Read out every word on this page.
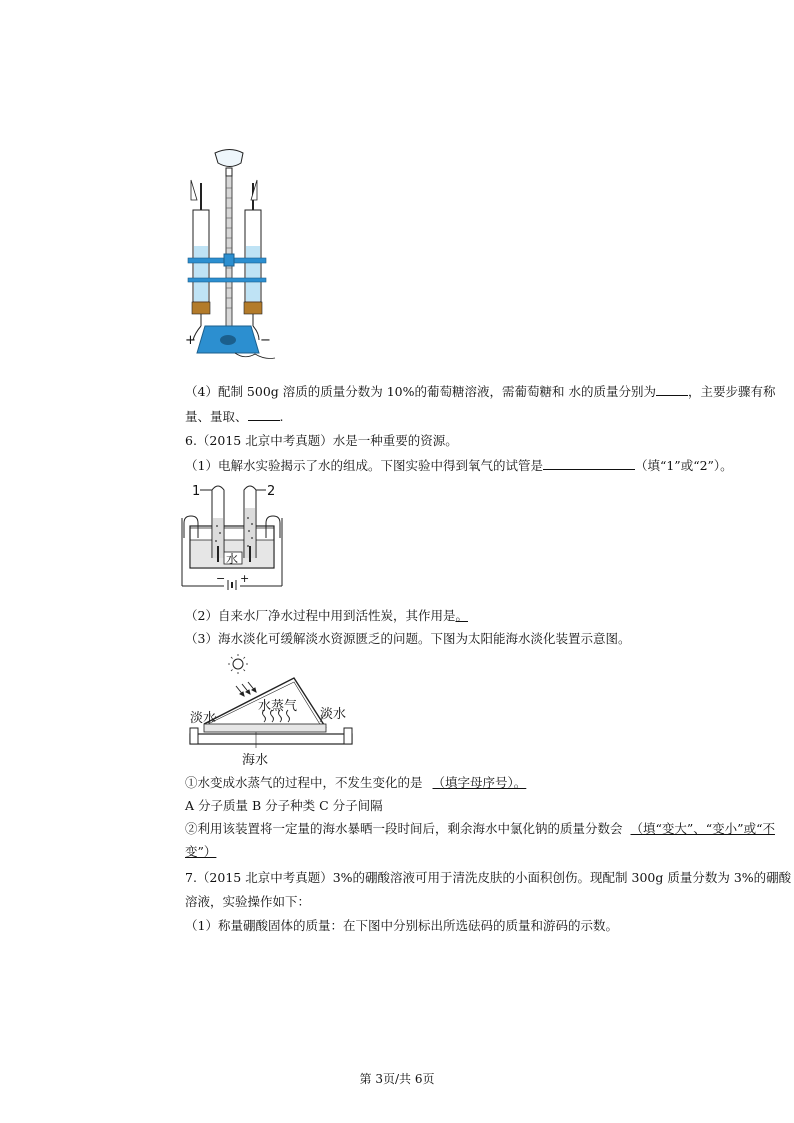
+	−
（4）配制 500g 溶质的质量分数为 10%的葡萄糖溶液，需葡萄糖和 水的质量分别为	，主要步骤有称
量、量取、	.
6.（2015 北京中考真题）水是一种重要的资源。
（1）电解水实验揭示了水的组成。下图实验中得到氧气的试管是	（填“1”或“2”）。
水
1	2
− +
（2）自来水厂净水过程中用到活性炭，其作用是。
（3）海水淡化可缓解淡水资源匮乏的问题。下图为太阳能海水淡化装置示意图。
淡水
水蒸气
淡水
海水
①水变成水蒸气的过程中，不发生变化的是 （填字母序号）。
A 分子质量 B 分子种类 C 分子间隔
②利用该装置将一定量的海水暴晒一段时间后，剩余海水中氯化钠的质量分数会 （填“变大”、“变小”或“不
变”）
7.（2015 北京中考真题）3%的硼酸溶液可用于清洗皮肤的小面积创伤。现配制 300g 质量分数为 3%的硼酸
溶液，实验操作如下：
（1）称量硼酸固体的质量：在下图中分别标出所选砝码的质量和游码的示数。
第 3页/共 6页
